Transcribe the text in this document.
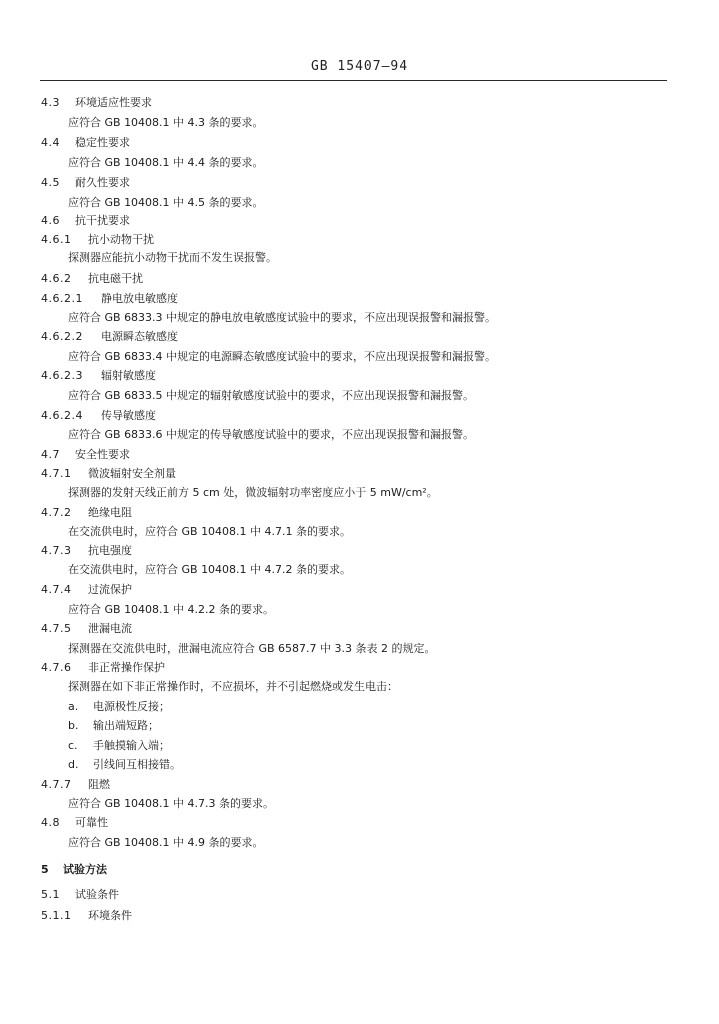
GB 15407—94
4.3 环境适应性要求
应符合 GB 10408.1 中 4.3 条的要求。
4.4 稳定性要求
应符合 GB 10408.1 中 4.4 条的要求。
4.5 耐久性要求
应符合 GB 10408.1 中 4.5 条的要求。
4.6 抗干扰要求
4.6.1 抗小动物干扰
探测器应能抗小动物干扰而不发生误报警。
4.6.2 抗电磁干扰
4.6.2.1 静电放电敏感度
应符合 GB 6833.3 中规定的静电放电敏感度试验中的要求，不应出现误报警和漏报警。
4.6.2.2 电源瞬态敏感度
应符合 GB 6833.4 中规定的电源瞬态敏感度试验中的要求，不应出现误报警和漏报警。
4.6.2.3 辐射敏感度
应符合 GB 6833.5 中规定的辐射敏感度试验中的要求，不应出现误报警和漏报警。
4.6.2.4 传导敏感度
应符合 GB 6833.6 中规定的传导敏感度试验中的要求，不应出现误报警和漏报警。
4.7 安全性要求
4.7.1 微波辐射安全剂量
探测器的发射天线正前方 5 cm 处，微波辐射功率密度应小于 5 mW/cm²。
4.7.2 绝缘电阻
在交流供电时，应符合 GB 10408.1 中 4.7.1 条的要求。
4.7.3 抗电强度
在交流供电时，应符合 GB 10408.1 中 4.7.2 条的要求。
4.7.4 过流保护
应符合 GB 10408.1 中 4.2.2 条的要求。
4.7.5 泄漏电流
探测器在交流供电时，泄漏电流应符合 GB 6587.7 中 3.3 条表 2 的规定。
4.7.6 非正常操作保护
探测器在如下非正常操作时，不应损坏，并不引起燃烧或发生电击：
a. 电源极性反接；
b. 输出端短路；
c. 手触摸输入端；
d. 引线间互相接错。
4.7.7 阻燃
应符合 GB 10408.1 中 4.7.3 条的要求。
4.8 可靠性
应符合 GB 10408.1 中 4.9 条的要求。
5 试验方法
5.1 试验条件
5.1.1 环境条件
